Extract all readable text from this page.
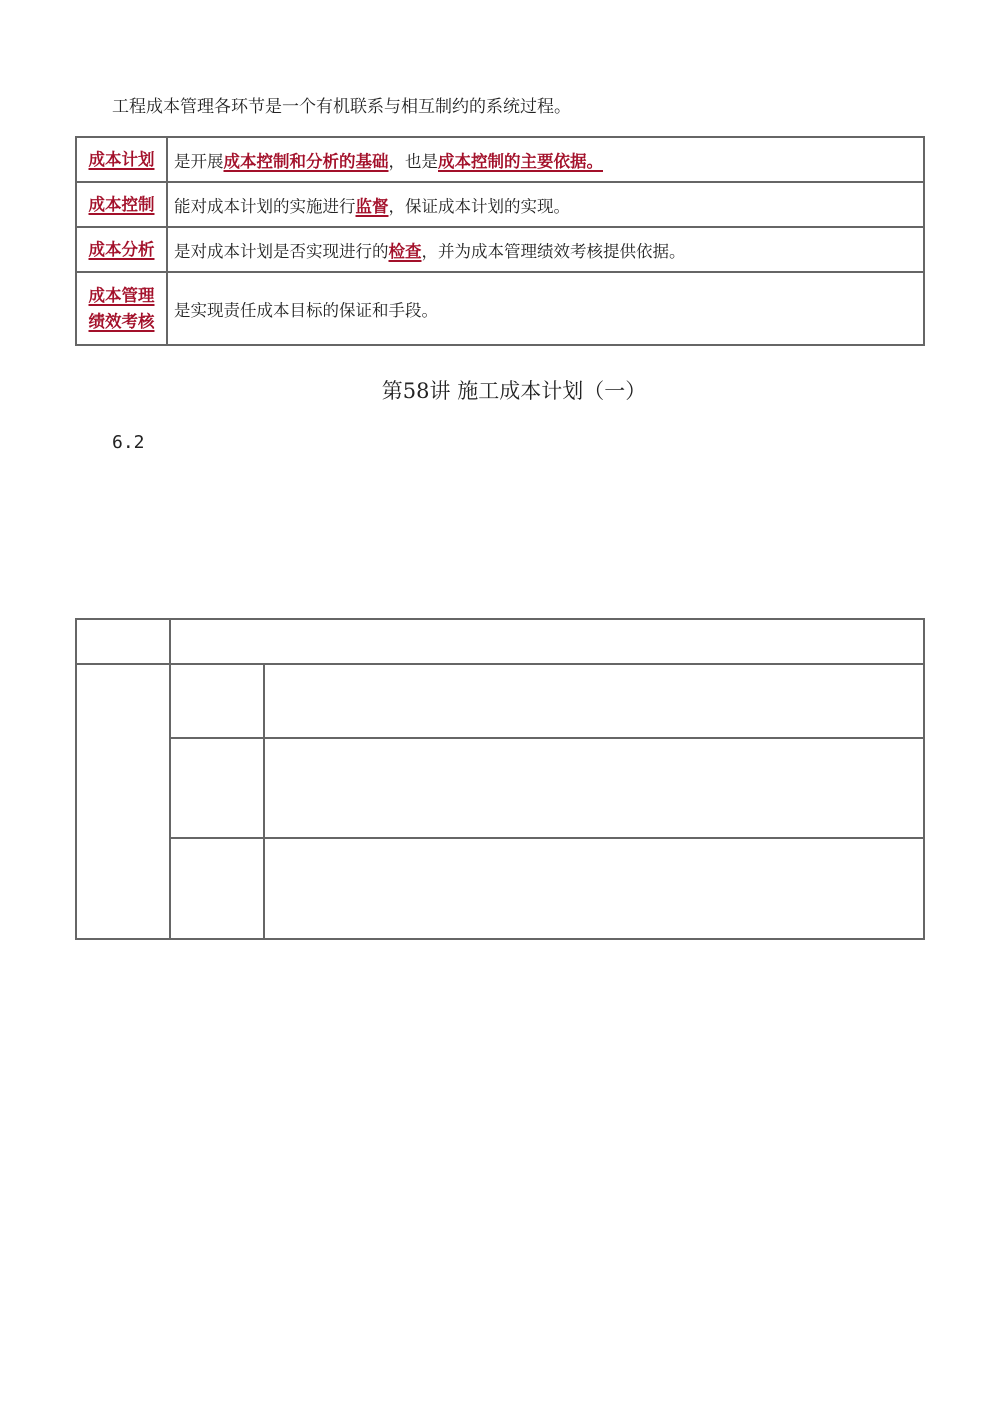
工程成本管理各环节是一个有机联系与相互制约的系统过程。

成本计划	是开展成本控制和分析的基础，也是成本控制的主要依据。
成本控制	能对成本计划的实施进行监督，保证成本计划的实现。
成本分析	是对成本计划是否实现进行的检查，并为成本管理绩效考核提供依据。
成本管理
绩效考核	是实现责任成本目标的保证和手段。
第58讲 施工成本计划（一）

6.2
